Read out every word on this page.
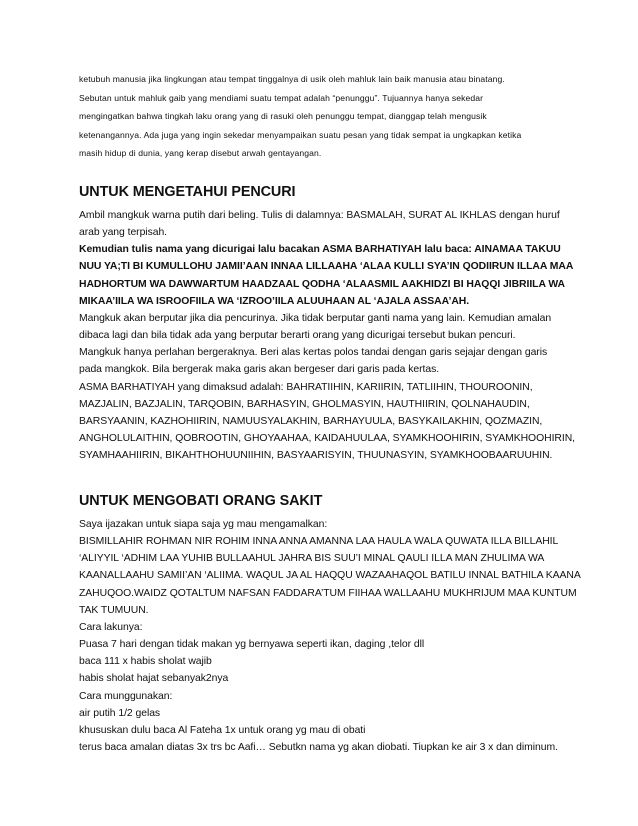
ketubuh manusia jika lingkungan atau tempat tinggalnya di usik oleh mahluk lain baik manusia atau binatang.

Sebutan untuk mahluk gaib yang mendiami suatu tempat adalah “penunggu”. Tujuannya hanya sekedar

mengingatkan bahwa tingkah laku orang yang di rasuki oleh penunggu tempat, dianggap telah mengusik

ketenangannya. Ada juga yang ingin sekedar menyampaikan suatu pesan yang tidak sempat ia ungkapkan ketika

masih hidup di dunia, yang kerap disebut arwah gentayangan.

UNTUK MENGETAHUI PENCURI

Ambil mangkuk warna putih dari beling. Tulis di dalamnya: BASMALAH, SURAT AL IKHLAS dengan huruf

arab yang terpisah.

Kemudian tulis nama yang dicurigai lalu bacakan ASMA BARHATIYAH lalu baca: AINAMAA TAKUU

NUU YA;TI BI KUMULLOHU JAMII’AAN INNAA LILLAAHA ‘ALAA KULLI SYA’IN QODIIRUN ILLAA MAA

HADHORTUM WA DAWWARTUM HAADZAAL QODHA ‘ALAASMIL AAKHIDZI BI HAQQI JIBRIILA WA

MIKAA’IILA WA ISROOFIILA WA ‘IZROO’IILA ALUUHAAN AL ‘AJALA ASSAA’AH.

Mangkuk akan berputar jika dia pencurinya. Jika tidak berputar ganti nama yang lain. Kemudian amalan

dibaca lagi dan bila tidak ada yang berputar berarti orang yang dicurigai tersebut bukan pencuri.

Mangkuk hanya perlahan bergeraknya. Beri alas kertas polos tandai dengan garis sejajar dengan garis

pada mangkok. Bila bergerak maka garis akan bergeser dari garis pada kertas.

ASMA BARHATIYAH yang dimaksud adalah: BAHRATIIHIN, KARIIRIN, TATLIIHIN, THOUROONIN,

MAZJALIN, BAZJALIN, TARQOBIN, BARHASYIN, GHOLMASYIN, HAUTHIIRIN, QOLNAHAUDIN,

BARSYAANIN, KAZHOHIIRIN, NAMUUSYALAKHIN, BARHAYUULA, BASYKAILAKHIN, QOZMAZIN,

ANGHOLULAITHIN, QOBROOTIN, GHOYAAHAA, KAIDAHUULAA, SYAMKHOOHIRIN, SYAMKHOOHIRIN,

SYAMHAAHIIRIN, BIKAHTHOHUUNIIHIN, BASYAARISYIN, THUUNASYIN, SYAMKHOOBAARUUHIN.

UNTUK MENGOBATI ORANG SAKIT

Saya ijazakan untuk siapa saja yg mau mengamalkan:

BISMILLAHIR ROHMAN NIR ROHIM INNA ANNA AMANNA LAA HAULA WALA QUWATA ILLA BILLAHIL

‘ALIYYIL ‘ADHIM LAA YUHIB BULLAAHUL JAHRA BIS SUU’I MINAL QAULI ILLA MAN ZHULIMA WA

KAANALLAAHU SAMII’AN ‘ALIIMA. WAQUL JA AL HAQQU WAZAAHAQOL BATILU INNAL BATHILA KAANA

ZAHUQOO.WAIDZ QOTALTUM NAFSAN FADDARA’TUM FIIHAA WALLAAHU MUKHRIJUM MAA KUNTUM

TAK TUMUUN.

Cara lakunya:

Puasa 7 hari dengan tidak makan yg bernyawa seperti ikan, daging ,telor dll

baca 111 x habis sholat wajib

habis sholat hajat sebanyak2nya

Cara munggunakan:

air putih 1/2 gelas

khususkan dulu baca Al Fateha 1x untuk orang yg mau di obati

terus baca amalan diatas 3x trs bc Aafi… Sebutkn nama yg akan diobati. Tiupkan ke air 3 x dan diminum.
